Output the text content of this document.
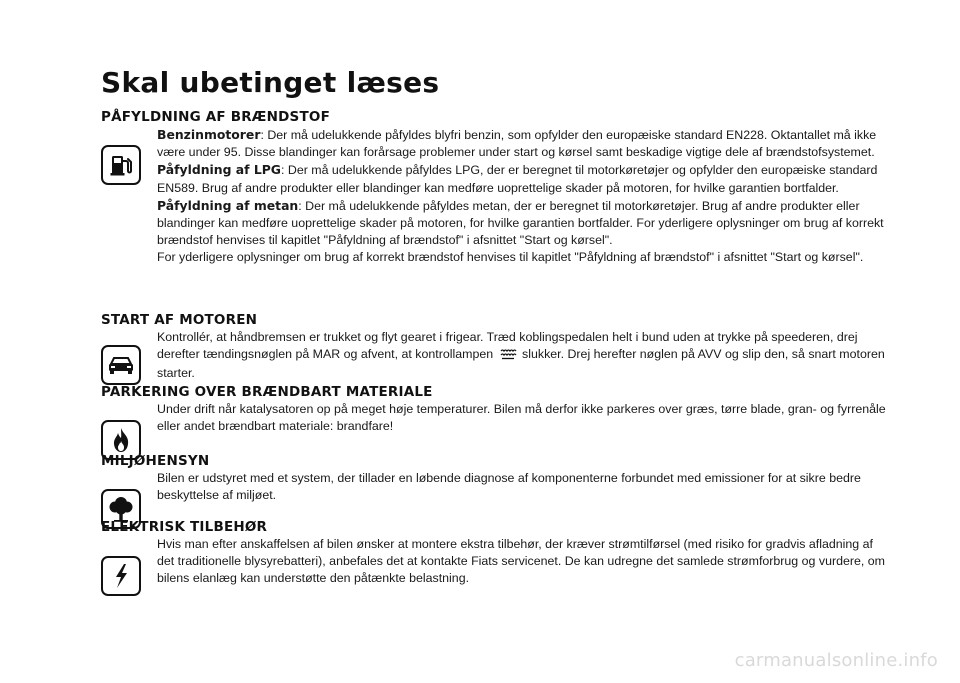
Skal ubetinget læses
PÅFYLDNING AF BRÆNDSTOF

Benzinmotorer: Der må udelukkende påfyldes blyfri benzin, som opfylder den europæiske standard EN228. Oktantallet må ikke være under 95. Disse blandinger kan forårsage problemer under start og kørsel samt beskadige vigtige dele af brændstofsystemet.

Påfyldning af LPG: Der må udelukkende påfyldes LPG, der er beregnet til motorkøretøjer og opfylder den europæiske standard EN589. Brug af andre produkter eller blandinger kan medføre uoprettelige skader på motoren, for hvilke garantien bortfalder.

Påfyldning af metan: Der må udelukkende påfyldes metan, der er beregnet til motorkøretøjer. Brug af andre produkter eller blandinger kan medføre uoprettelige skader på motoren, for hvilke garantien bortfalder. For yderligere oplysninger om brug af korrekt brændstof henvises til kapitlet "Påfyldning af brændstof" i afsnittet "Start og kørsel".

For yderligere oplysninger om brug af korrekt brændstof henvises til kapitlet "Påfyldning af brændstof" i afsnittet "Start og kørsel".

START AF MOTOREN

Kontrollér, at håndbremsen er trukket og flyt gearet i frigear. Træd koblingspedalen helt i bund uden at trykke på speederen, drej derefter tændingsnøglen på MAR og afvent, at kontrollampen slukker. Drej herefter nøglen på AVV og slip den, så snart motoren starter.

PARKERING OVER BRÆNDBART MATERIALE

Under drift når katalysatoren op på meget høje temperaturer. Bilen må derfor ikke parkeres over græs, tørre blade, gran- og fyrrenåle eller andet brændbart materiale: brandfare!

MILJØHENSYN

Bilen er udstyret med et system, der tillader en løbende diagnose af komponenterne forbundet med emissioner for at sikre bedre beskyttelse af miljøet.

ELEKTRISK TILBEHØR

Hvis man efter anskaffelsen af bilen ønsker at montere ekstra tilbehør, der kræver strømtilførsel (med risiko for gradvis afladning af det traditionelle blysyrebatteri), anbefales det at kontakte Fiats servicenet. De kan udregne det samlede strømforbrug og vurdere, om bilens elanlæg kan understøtte den påtænkte belastning.

carmanualsonline.info
